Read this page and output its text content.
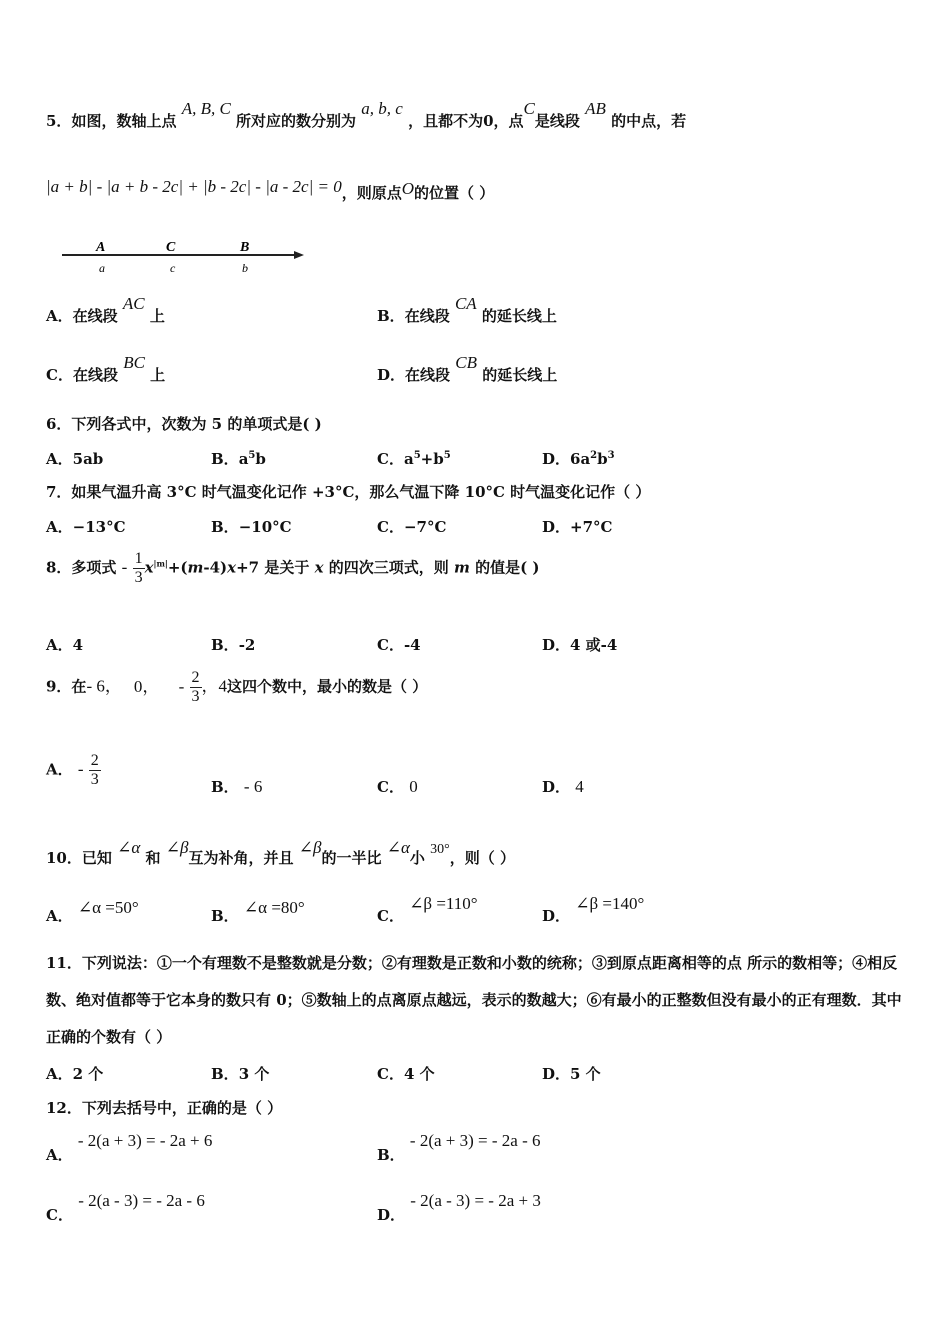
5．如图，数轴上点 A, B, C 所对应的数分别为 a, b, c ，且都不为0，点C是线段 AB 的中点，若
|a + b| - |a + b - 2c| + |b - 2c| - |a - 2c| = 0，则原点O的位置（ ）
A	C	B
a	c	b
A．在线段 AC 上	B．在线段 CA 的延长线上
C．在线段 BC 上	D．在线段 CB 的延长线上
6．下列各式中，次数为 5 的单项式是( )
A．5ab	B．$a^5b$	C．$a^5+b^5$	D．$6a^2b^3$
7．如果气温升高 3°C 时气温变化记作 +3°C，那么气温下降 10°C 时气温变化记作（ ）
A．−13°C	B．−10°C	C．−7°C	D．+7°C
8．多项式 - $\frac{1}{3} x^{|m|}+(m-4)x+7$ 是关于 x 的四次三项式，则 m 的值是( )
A．4	B．-2	C．-4	D．4 或-4
9．在- 6， 0， - $\frac{2}{3}$ ，4这四个数中，最小的数是（ ）
A． - $\frac{2}{3}$	B． - 6	C． 0	D． 4
10．已知 ∠α 和 ∠β互为补角，并且 ∠β的一半比 ∠α小 30°，则（ ）
A． ∠α =50°	B． ∠α =80°	C． ∠β =110°
D． ∠β =140°
11．下列说法：①一个有理数不是整数就是分数；②有理数是正数和小数的统称；③到原点距离相等的点 所示的数相等；④相反数、绝对值都等于它本身的数只有 0；⑤数轴上的点离原点越远，表示的数越大；⑥有最小的正整数但没有最小的正有理数．其中正确的个数有（ ）
A．2 个	B．3 个	C．4 个	D．5 个
12．下列去括号中，正确的是（ ）
A． - 2(a + 3) = - 2a + 6
B． - 2(a + 3) = - 2a - 6
C． - 2(a - 3) = - 2a - 6
D． - 2(a - 3) = - 2a + 3
